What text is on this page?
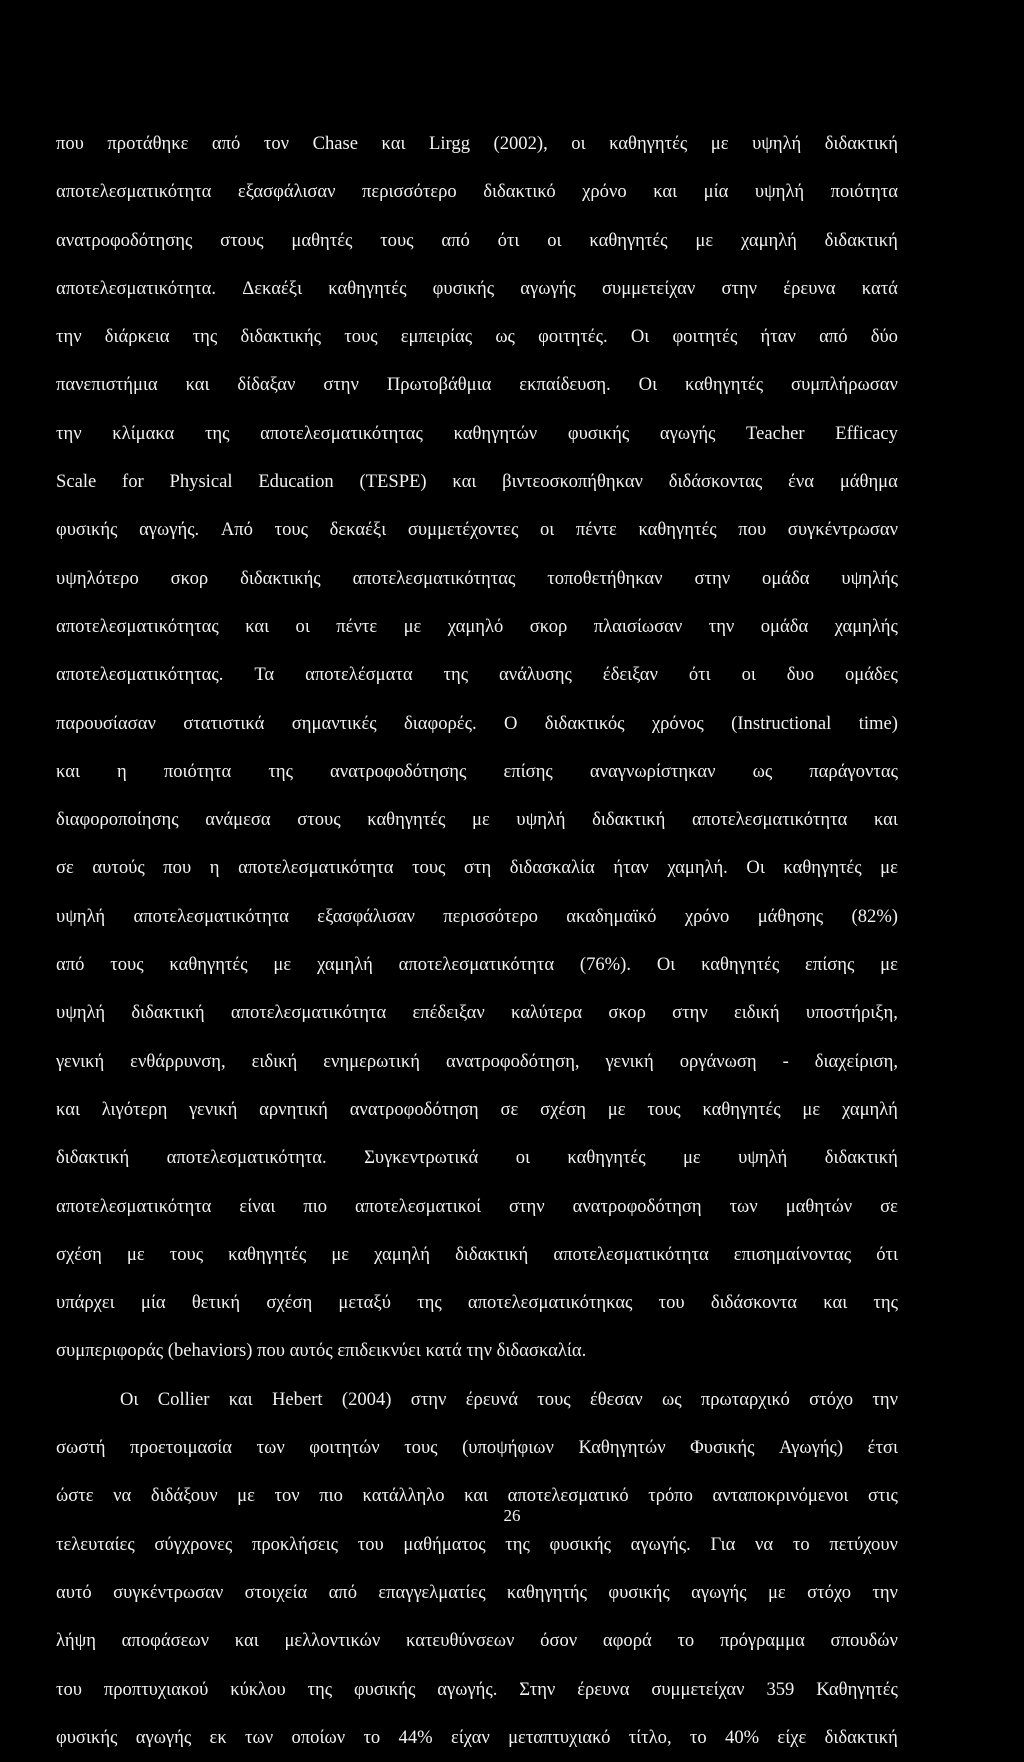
που προτάθηκε από τον Chase και Lirgg (2002), οι καθηγητές με υψηλή διδακτική
αποτελεσματικότητα εξασφάλισαν περισσότερο διδακτικό χρόνο και μία υψηλή ποιότητα
ανατροφοδότησης στους μαθητές τους από ότι οι καθηγητές με χαμηλή διδακτική
αποτελεσματικότητα. Δεκαέξι καθηγητές φυσικής αγωγής συμμετείχαν στην έρευνα κατά
την διάρκεια της διδακτικής τους εμπειρίας ως φοιτητές. Οι φοιτητές ήταν από δύο
πανεπιστήμια και δίδαξαν στην Πρωτοβάθμια εκπαίδευση. Οι καθηγητές συμπλήρωσαν
την κλίμακα της αποτελεσματικότητας καθηγητών φυσικής αγωγής Teacher Efficacy
Scale for Physical Education (TESPE) και βιντεοσκοπήθηκαν διδάσκοντας ένα μάθημα
φυσικής αγωγής. Από τους δεκαέξι συμμετέχοντες οι πέντε καθηγητές που συγκέντρωσαν
υψηλότερο σκορ διδακτικής αποτελεσματικότητας τοποθετήθηκαν στην ομάδα υψηλής
αποτελεσματικότητας και οι πέντε με χαμηλό σκορ πλαισίωσαν την ομάδα χαμηλής
αποτελεσματικότητας. Τα αποτελέσματα της ανάλυσης έδειξαν ότι οι δυο ομάδες
παρουσίασαν στατιστικά σημαντικές διαφορές. Ο διδακτικός χρόνος (Instructional time)
και η ποιότητα της ανατροφοδότησης επίσης αναγνωρίστηκαν ως παράγοντας
διαφοροποίησης ανάμεσα στους καθηγητές με υψηλή διδακτική αποτελεσματικότητα και
σε αυτούς που η αποτελεσματικότητα τους στη διδασκαλία ήταν χαμηλή. Οι καθηγητές με
υψηλή αποτελεσματικότητα εξασφάλισαν περισσότερο ακαδημαϊκό χρόνο μάθησης (82%)
από τους καθηγητές με χαμηλή αποτελεσματικότητα (76%). Οι καθηγητές επίσης με
υψηλή διδακτική αποτελεσματικότητα επέδειξαν καλύτερα σκορ στην ειδική υποστήριξη,
γενική ενθάρρυνση, ειδική ενημερωτική ανατροφοδότηση, γενική οργάνωση - διαχείριση,
και λιγότερη γενική αρνητική ανατροφοδότηση σε σχέση με τους καθηγητές με χαμηλή
διδακτική αποτελεσματικότητα. Συγκεντρωτικά οι καθηγητές με υψηλή διδακτική
αποτελεσματικότητα είναι πιο αποτελεσματικοί στην ανατροφοδότηση των μαθητών σε
σχέση με τους καθηγητές με χαμηλή διδακτική αποτελεσματικότητα επισημαίνοντας ότι
υπάρχει μία θετική σχέση μεταξύ της αποτελεσματικότηκας του διδάσκοντα και της
συμπεριφοράς (behaviors) που αυτός επιδεικνύει κατά την διδασκαλία.
Οι Collier και Hebert (2004) στην έρευνά τους έθεσαν ως πρωταρχικό στόχο την
σωστή προετοιμασία των φοιτητών τους (υποψήφιων Καθηγητών Φυσικής Αγωγής) έτσι
ώστε να διδάξουν με τον πιο κατάλληλο και αποτελεσματικό τρόπο ανταποκρινόμενοι στις
τελευταίες σύγχρονες προκλήσεις του μαθήματος της φυσικής αγωγής. Για να το πετύχουν
αυτό συγκέντρωσαν στοιχεία από επαγγελματίες καθηγητής φυσικής αγωγής με στόχο την
λήψη αποφάσεων και μελλοντικών κατευθύνσεων όσον αφορά το πρόγραμμα σπουδών
του προπτυχιακού κύκλου της φυσικής αγωγής. Στην έρευνα συμμετείχαν 359 Καθηγητές
φυσικής αγωγής εκ των οποίων το 44% είχαν μεταπτυχιακό τίτλο, το 40% είχε διδακτική
26
